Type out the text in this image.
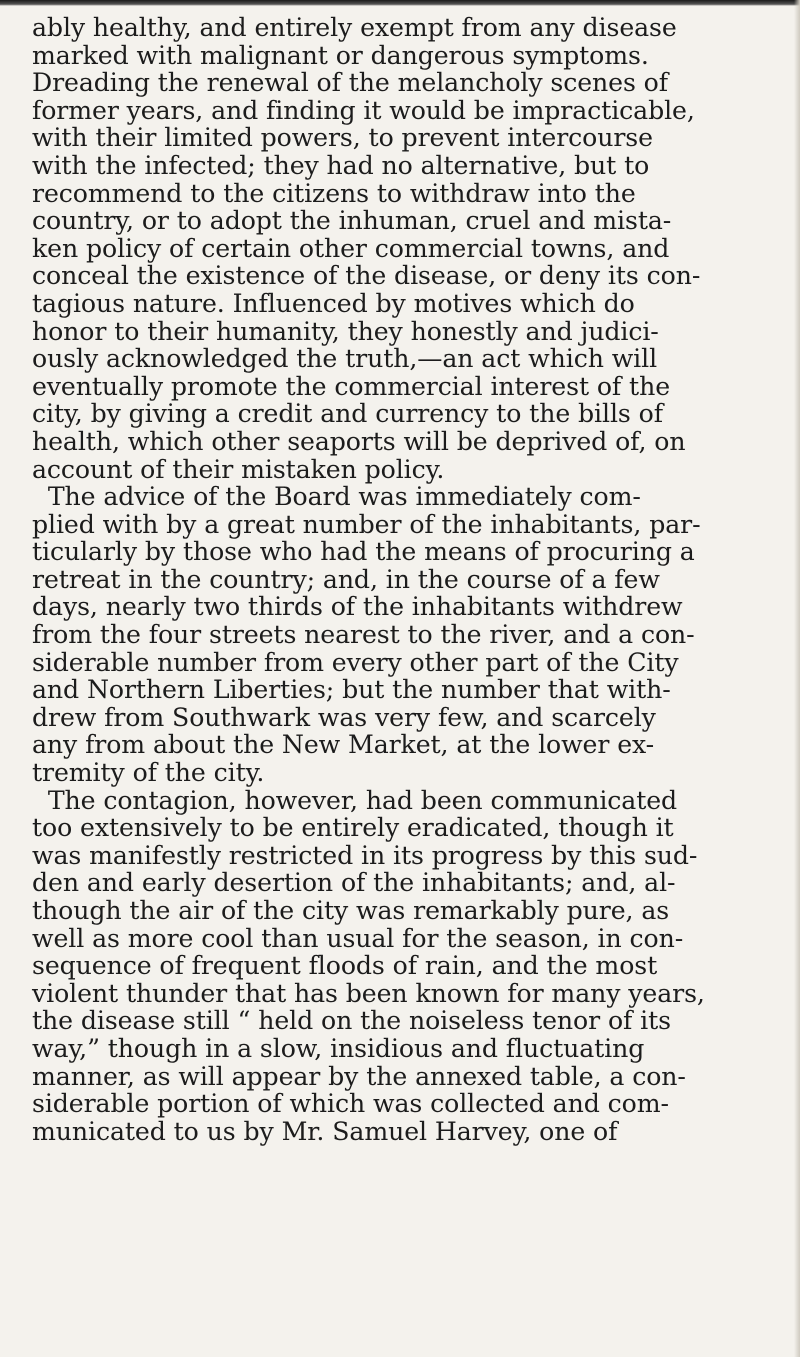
ably healthy, and entirely exempt from any disease
marked with malignant or dangerous symptoms.
Dreading the renewal of the melancholy scenes of
former years, and finding it would be impracticable,
with their limited powers, to prevent intercourse
with the infected; they had no alternative, but to
recommend to the citizens to withdraw into the
country, or to adopt the inhuman, cruel and mista-
ken policy of certain other commercial towns, and
conceal the existence of the disease, or deny its con-
tagious nature. Influenced by motives which do
honor to their humanity, they honestly and judici-
ously acknowledged the truth,—an act which will
eventually promote the commercial interest of the
city, by giving a credit and currency to the bills of
health, which other seaports will be deprived of, on
account of their mistaken policy.
The advice of the Board was immediately com-
plied with by a great number of the inhabitants, par-
ticularly by those who had the means of procuring a
retreat in the country; and, in the course of a few
days, nearly two thirds of the inhabitants withdrew
from the four streets nearest to the river, and a con-
siderable number from every other part of the City
and Northern Liberties; but the number that with-
drew from Southwark was very few, and scarcely
any from about the New Market, at the lower ex-
tremity of the city.
The contagion, however, had been communicated
too extensively to be entirely eradicated, though it
was manifestly restricted in its progress by this sud-
den and early desertion of the inhabitants; and, al-
though the air of the city was remarkably pure, as
well as more cool than usual for the season, in con-
sequence of frequent floods of rain, and the most
violent thunder that has been known for many years,
the disease still “ held on the noiseless tenor of its
way,” though in a slow, insidious and fluctuating
manner, as will appear by the annexed table, a con-
siderable portion of which was collected and com-
municated to us by Mr. Samuel Harvey, one of
